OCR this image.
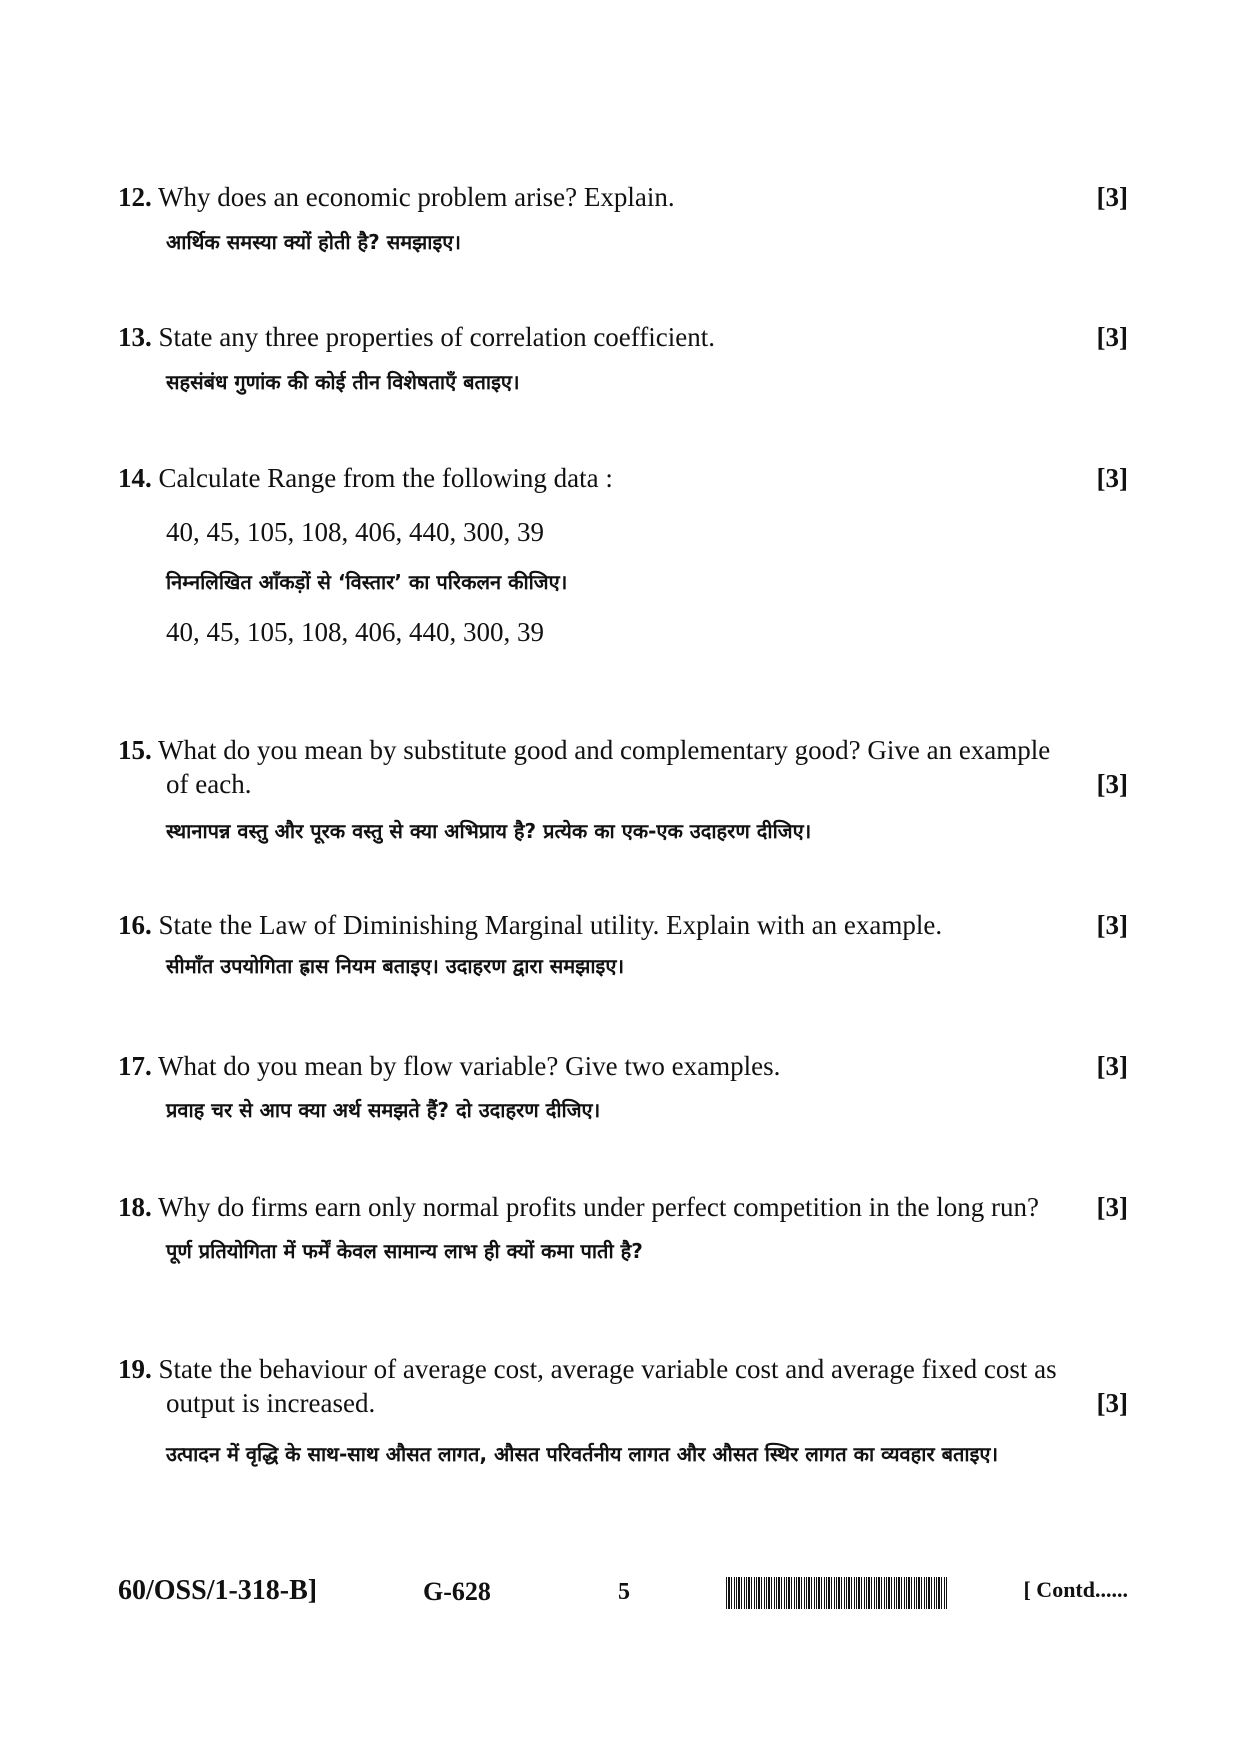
12. Why does an economic problem arise? Explain.	[3]
आर्थिक समस्या क्यों होती है? समझाइए।
13. State any three properties of correlation coefficient.	[3]
सहसंबंध गुणांक की कोई तीन विशेषताएँ बताइए।
14. Calculate Range from the following data :	[3]
40, 45, 105, 108, 406, 440, 300, 39
निम्नलिखित आँकड़ों से ‘विस्तार’ का परिकलन कीजिए।
40, 45, 105, 108, 406, 440, 300, 39
15. What do you mean by substitute good and complementary good? Give an example
of each.	[3]
स्थानापन्न वस्तु और पूरक वस्तु से क्या अभिप्राय है? प्रत्येक का एक-एक उदाहरण दीजिए।
16. State the Law of Diminishing Marginal utility. Explain with an example.	[3]
सीमाँत उपयोगिता ह्रास नियम बताइए। उदाहरण द्वारा समझाइए।
17. What do you mean by flow variable? Give two examples.	[3]
प्रवाह चर से आप क्या अर्थ समझते हैं? दो उदाहरण दीजिए।
18. Why do firms earn only normal profits under perfect competition in the long run? [3]
पूर्ण प्रतियोगिता में फर्में केवल सामान्य लाभ ही क्यों कमा पाती है?
19. State the behaviour of average cost, average variable cost and average fixed cost as
output is increased.	[3]
उत्पादन में वृद्धि के साथ-साथ औसत लागत, औसत परिवर्तनीय लागत और औसत स्थिर लागत का व्यवहार बताइए।
60/OSS/1-318-B]	G-628	5	[ Contd......
